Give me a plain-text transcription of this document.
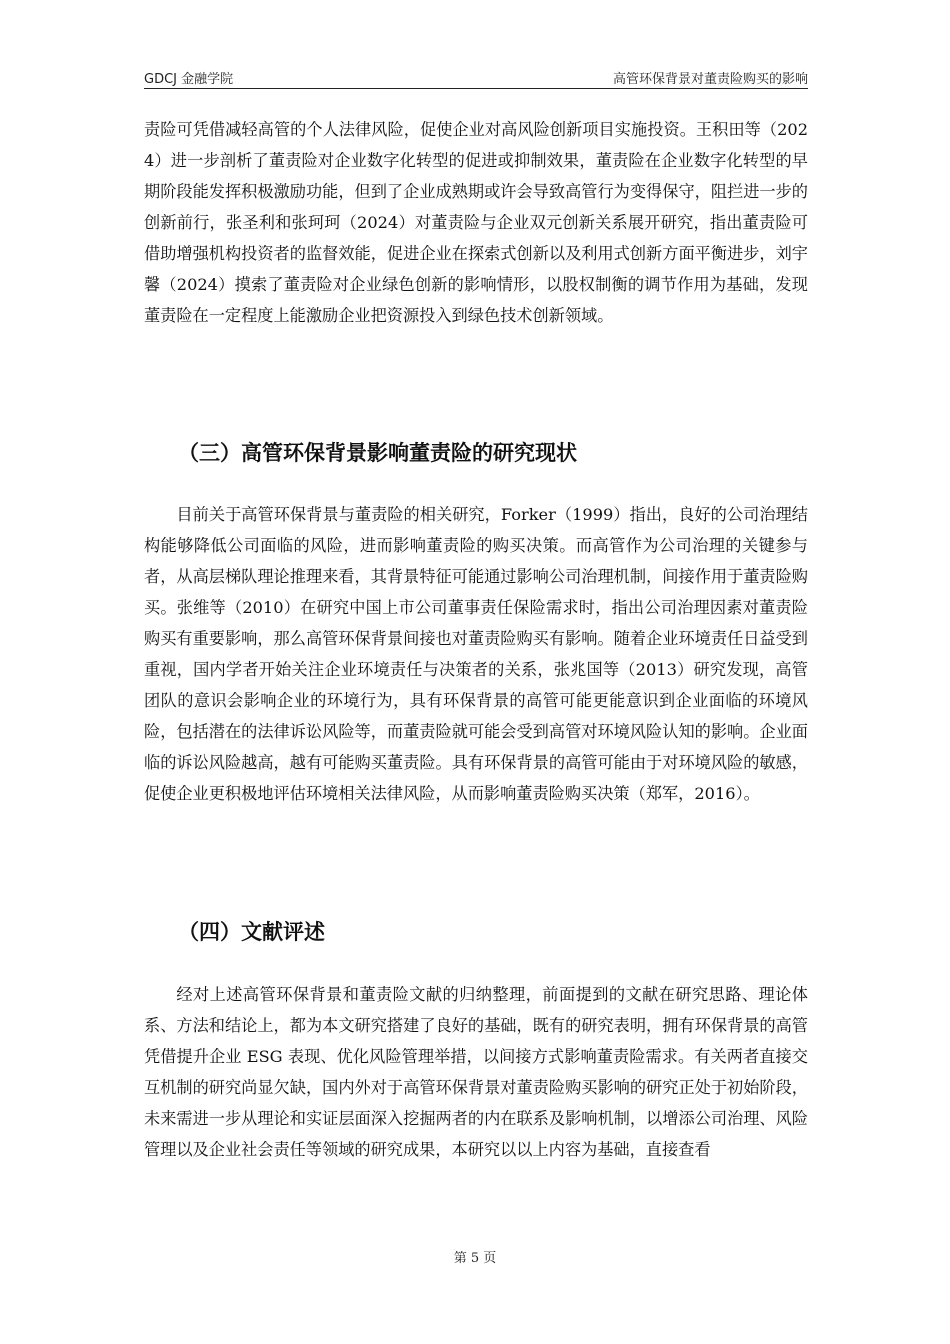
GDCJ 金融学院	高管环保背景对董责险购买的影响

责险可凭借减轻高管的个人法律风险，促使企业对高风险创新项目实施投资。王积田等（2024）进一步剖析了董责险对企业数字化转型的促进或抑制效果，董责险在企业数字化转型的早期阶段能发挥积极激励功能，但到了企业成熟期或许会导致高管行为变得保守，阻拦进一步的创新前行，张圣利和张珂珂（2024）对董责险与企业双元创新关系展开研究，指出董责险可借助增强机构投资者的监督效能，促进企业在探索式创新以及利用式创新方面平衡进步，刘宇馨（2024）摸索了董责险对企业绿色创新的影响情形，以股权制衡的调节作用为基础，发现董责险在一定程度上能激励企业把资源投入到绿色技术创新领域。

（三）高管环保背景影响董责险的研究现状

目前关于高管环保背景与董责险的相关研究，Forker（1999）指出，良好的公司治理结构能够降低公司面临的风险，进而影响董责险的购买决策。而高管作为公司治理的关键参与者，从高层梯队理论推理来看，其背景特征可能通过影响公司治理机制，间接作用于董责险购买。张维等（2010）在研究中国上市公司董事责任保险需求时，指出公司治理因素对董责险购买有重要影响，那么高管环保背景间接也对董责险购买有影响。随着企业环境责任日益受到重视，国内学者开始关注企业环境责任与决策者的关系，张兆国等（2013）研究发现，高管团队的意识会影响企业的环境行为，具有环保背景的高管可能更能意识到企业面临的环境风险，包括潜在的法律诉讼风险等，而董责险就可能会受到高管对环境风险认知的影响。企业面临的诉讼风险越高，越有可能购买董责险。具有环保背景的高管可能由于对环境风险的敏感，促使企业更积极地评估环境相关法律风险，从而影响董责险购买决策（郑军，2016）。

（四）文献评述

经对上述高管环保背景和董责险文献的归纳整理，前面提到的文献在研究思路、理论体系、方法和结论上，都为本文研究搭建了良好的基础，既有的研究表明，拥有环保背景的高管凭借提升企业 ESG 表现、优化风险管理举措，以间接方式影响董责险需求。有关两者直接交互机制的研究尚显欠缺，国内外对于高管环保背景对董责险购买影响的研究正处于初始阶段，未来需进一步从理论和实证层面深入挖掘两者的内在联系及影响机制，以增添公司治理、风险管理以及企业社会责任等领域的研究成果，本研究以以上内容为基础，直接查看

第 5 页
